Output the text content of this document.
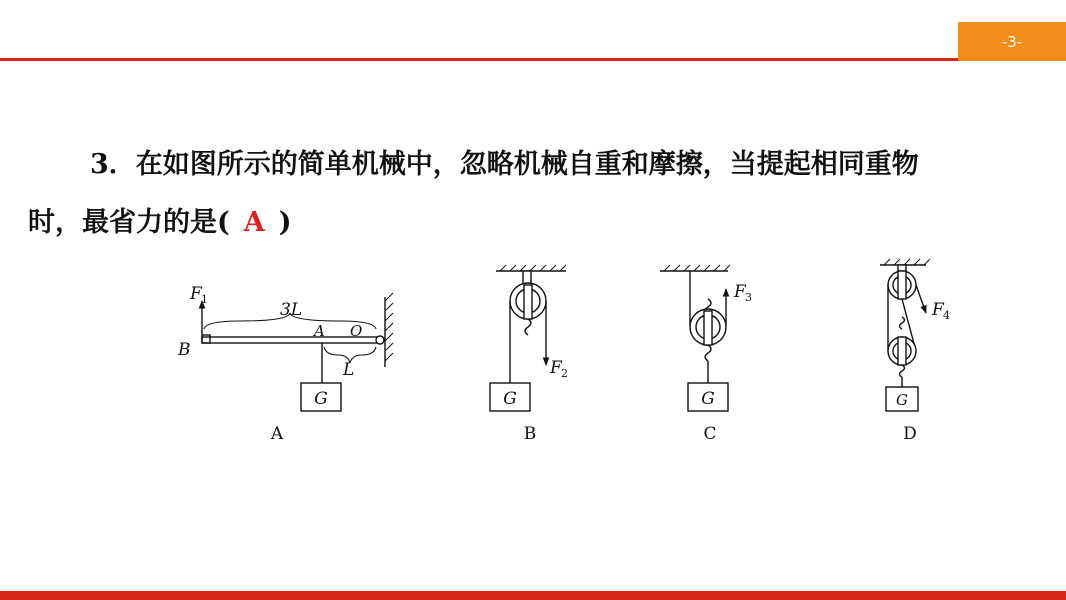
-3-
3．在如图所示的简单机械中，忽略机械自重和摩擦，当提起相同重物
时，最省力的是( A )
F 1
3L
B
A O
L
G
A
F 2
G
B
F 3
G
C
F 4
G
D
